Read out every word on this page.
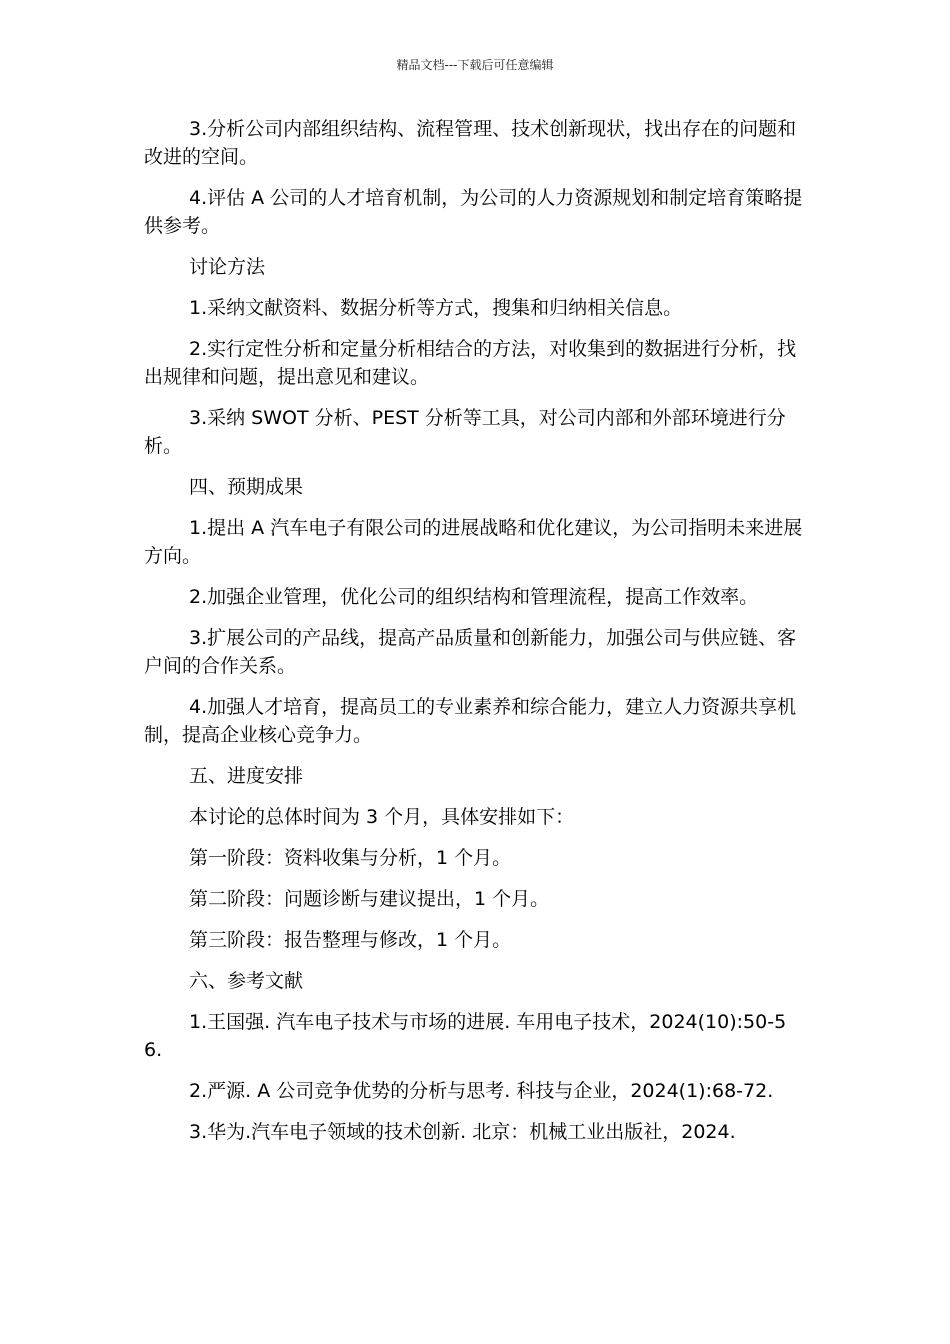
精品文档---下载后可任意编辑

3.分析公司内部组织结构、流程管理、技术创新现状，找出存在的问题和改进的空间。

4.评估 A 公司的人才培育机制，为公司的人力资源规划和制定培育策略提供参考。

讨论方法

1.采纳文献资料、数据分析等方式，搜集和归纳相关信息。

2.实行定性分析和定量分析相结合的方法，对收集到的数据进行分析，找出规律和问题，提出意见和建议。

3.采纳 SWOT 分析、PEST 分析等工具，对公司内部和外部环境进行分析。

四、预期成果

1.提出 A 汽车电子有限公司的进展战略和优化建议，为公司指明未来进展方向。

2.加强企业管理，优化公司的组织结构和管理流程，提高工作效率。

3.扩展公司的产品线，提高产品质量和创新能力，加强公司与供应链、客户间的合作关系。

4.加强人才培育，提高员工的专业素养和综合能力，建立人力资源共享机制，提高企业核心竞争力。

五、进度安排

本讨论的总体时间为 3 个月，具体安排如下：

第一阶段：资料收集与分析，1 个月。

第二阶段：问题诊断与建议提出，1 个月。

第三阶段：报告整理与修改，1 个月。

六、参考文献

1.王国强. 汽车电子技术与市场的进展. 车用电子技术，2024(10):50-56.

2.严源. A 公司竞争优势的分析与思考. 科技与企业，2024(1):68-72.

3.华为.汽车电子领域的技术创新. 北京：机械工业出版社，2024.
